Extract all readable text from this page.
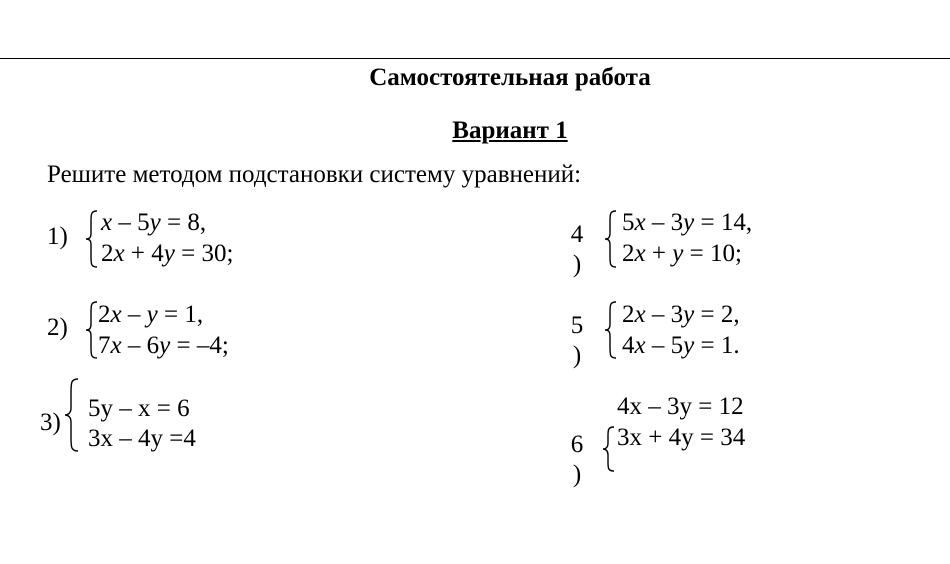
Самостоятельная работа
Вариант 1
Решите методом подстановки систему уравнений:
1)
x – 5y = 8,
2x + 4y = 30;
2) 2x – y = 1,
7x – 6y = –4;
3)
5y – x = 6
3x – 4y =4
4
)
5x – 3y = 14,
2x + y = 10;
5
)
2x – 3y = 2,
4x – 5y = 1.
6
)
4x – 3y = 12
3x + 4y = 34
